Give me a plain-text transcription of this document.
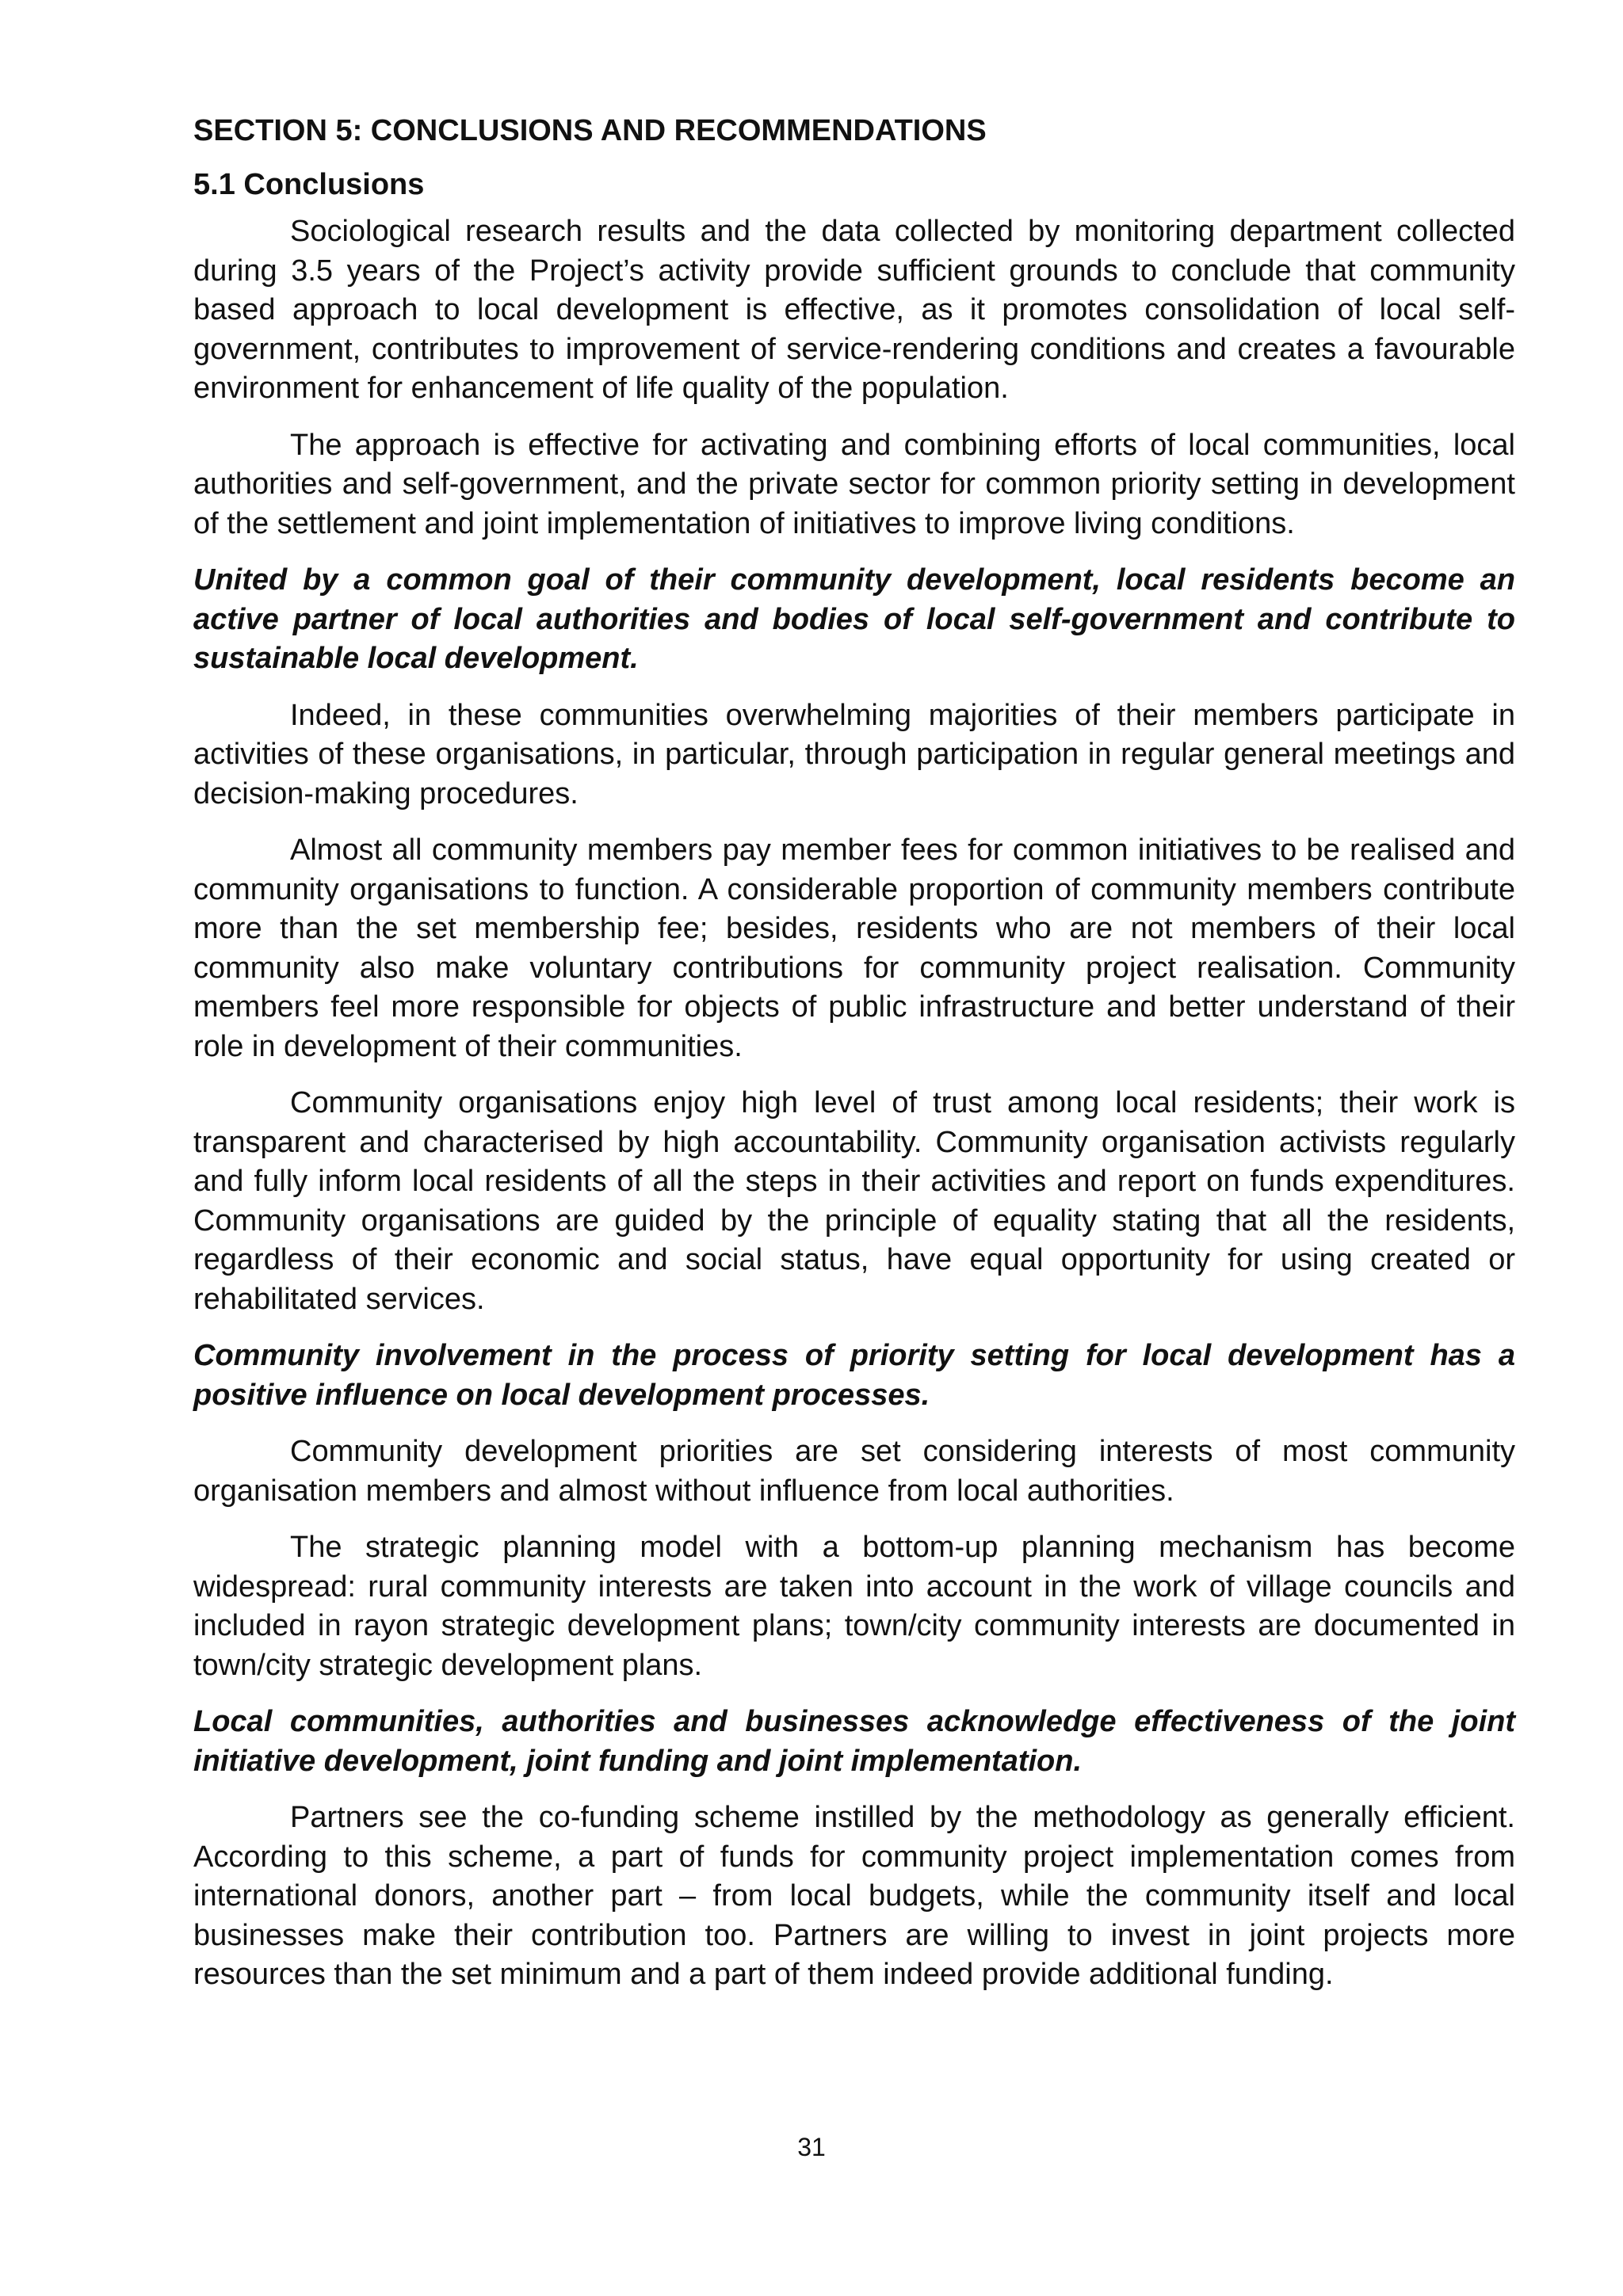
SECTION 5: CONCLUSIONS AND RECOMMENDATIONS
5.1 Conclusions

Sociological research results and the data collected by monitoring department collected during 3.5 years of the Project’s activity provide sufficient grounds to conclude that community based approach to local development is effective, as it promotes consolidation of local self-government, contributes to improvement of service-rendering conditions and creates a favourable environment for enhancement of life quality of the population.

The approach is effective for activating and combining efforts of local communities, local authorities and self-government, and the private sector for common priority setting in development of the settlement and joint implementation of initiatives to improve living conditions.

United by a common goal of their community development, local residents become an active partner of local authorities and bodies of local self-government and contribute to sustainable local development.

Indeed, in these communities overwhelming majorities of their members participate in activities of these organisations, in particular, through participation in regular general meetings and decision-making procedures.

Almost all community members pay member fees for common initiatives to be realised and community organisations to function. A considerable proportion of community members contribute more than the set membership fee; besides, residents who are not members of their local community also make voluntary contributions for community project realisation. Community members feel more responsible for objects of public infrastructure and better understand of their role in development of their communities.

Community organisations enjoy high level of trust among local residents; their work is transparent and characterised by high accountability. Community organisation activists regularly and fully inform local residents of all the steps in their activities and report on funds expenditures. Community organisations are guided by the principle of equality stating that all the residents, regardless of their economic and social status, have equal opportunity for using created or rehabilitated services.

Community involvement in the process of priority setting for local development has a positive influence on local development processes.

Community development priorities are set considering interests of most community organisation members and almost without influence from local authorities.

The strategic planning model with a bottom-up planning mechanism has become widespread: rural community interests are taken into account in the work of village councils and included in rayon strategic development plans; town/city community interests are documented in town/city strategic development plans.

Local communities, authorities and businesses acknowledge effectiveness of the joint initiative development, joint funding and joint implementation.

Partners see the co-funding scheme instilled by the methodology as generally efficient. According to this scheme, a part of funds for community project implementation comes from international donors, another part – from local budgets, while the community itself and local businesses make their contribution too. Partners are willing to invest in joint projects more resources than the set minimum and a part of them indeed provide additional funding.

31
